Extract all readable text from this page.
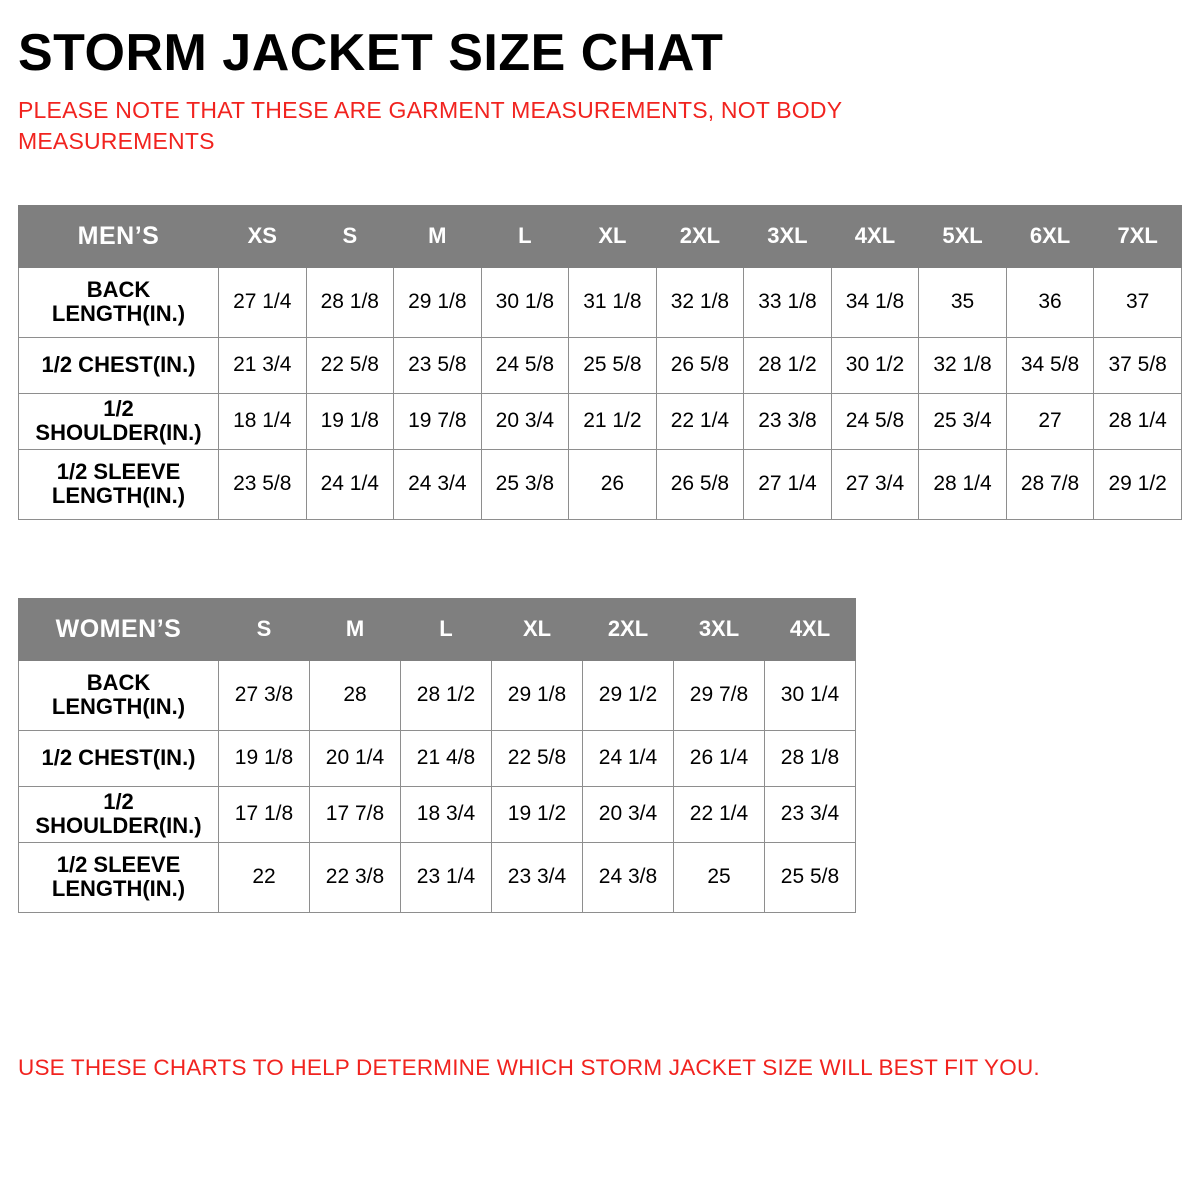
STORM JACKET SIZE CHAT

PLEASE NOTE THAT THESE ARE GARMENT MEASUREMENTS, NOT BODY MEASUREMENTS

MEN’S	XS	S	M	L	XL	2XL	3XL	4XL	5XL	6XL	7XL
BACK
LENGTH(IN.)	27 1/4	28 1/8	29 1/8	30 1/8	31 1/8	32 1/8	33 1/8	34 1/8	35	36	37
1/2 CHEST(IN.)	21 3/4	22 5/8	23 5/8	24 5/8	25 5/8	26 5/8	28 1/2	30 1/2	32 1/8	34 5/8	37 5/8
1/2 SHOULDER(IN.)	18 1/4	19 1/8	19 7/8	20 3/4	21 1/2	22 1/4	23 3/8	24 5/8	25 3/4	27	28 1/4
1/2 SLEEVE
LENGTH(IN.)	23 5/8	24 1/4	24 3/4	25 3/8	26	26 5/8	27 1/4	27 3/4	28 1/4	28 7/8	29 1/2
WOMEN’S	S	M	L	XL	2XL	3XL	4XL
BACK
LENGTH(IN.)	27 3/8	28	28 1/2	29 1/8	29 1/2	29 7/8	30 1/4
1/2 CHEST(IN.)	19 1/8	20 1/4	21 4/8	22 5/8	24 1/4	26 1/4	28 1/8
1/2 SHOULDER(IN.)	17 1/8	17 7/8	18 3/4	19 1/2	20 3/4	22 1/4	23 3/4
1/2 SLEEVE
LENGTH(IN.)	22	22 3/8	23 1/4	23 3/4	24 3/8	25	25 5/8
USE THESE CHARTS TO HELP DETERMINE WHICH STORM JACKET SIZE WILL BEST FIT YOU.
